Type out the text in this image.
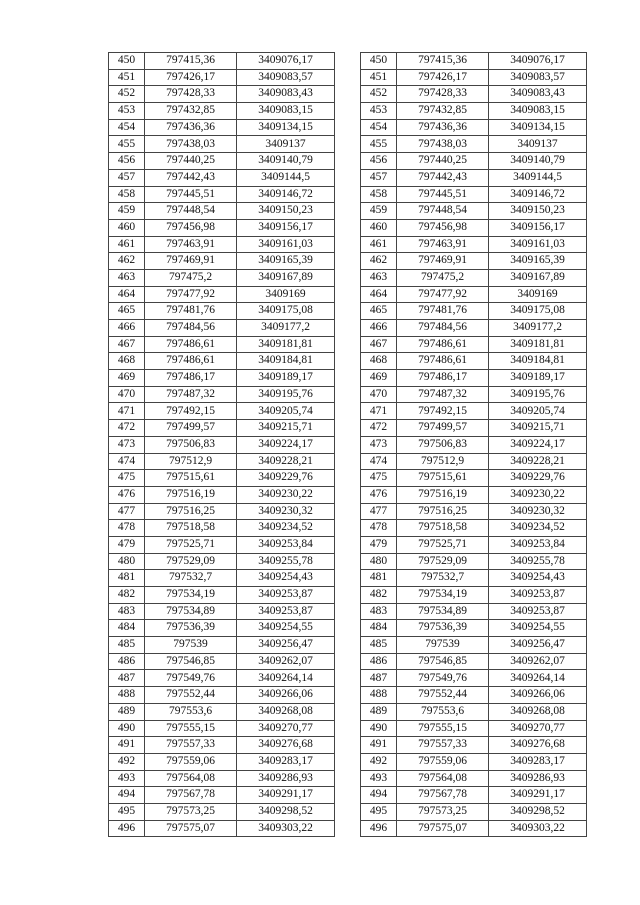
450	797415,36	3409076,17
451	797426,17	3409083,57
452	797428,33	3409083,43
453	797432,85	3409083,15
454	797436,36	3409134,15
455	797438,03	3409137
456	797440,25	3409140,79
457	797442,43	3409144,5
458	797445,51	3409146,72
459	797448,54	3409150,23
460	797456,98	3409156,17
461	797463,91	3409161,03
462	797469,91	3409165,39
463	797475,2	3409167,89
464	797477,92	3409169
465	797481,76	3409175,08
466	797484,56	3409177,2
467	797486,61	3409181,81
468	797486,61	3409184,81
469	797486,17	3409189,17
470	797487,32	3409195,76
471	797492,15	3409205,74
472	797499,57	3409215,71
473	797506,83	3409224,17
474	797512,9	3409228,21
475	797515,61	3409229,76
476	797516,19	3409230,22
477	797516,25	3409230,32
478	797518,58	3409234,52
479	797525,71	3409253,84
480	797529,09	3409255,78
481	797532,7	3409254,43
482	797534,19	3409253,87
483	797534,89	3409253,87
484	797536,39	3409254,55
485	797539	3409256,47
486	797546,85	3409262,07
487	797549,76	3409264,14
488	797552,44	3409266,06
489	797553,6	3409268,08
490	797555,15	3409270,77
491	797557,33	3409276,68
492	797559,06	3409283,17
493	797564,08	3409286,93
494	797567,78	3409291,17
495	797573,25	3409298,52
496	797575,07	3409303,22
450	797415,36	3409076,17
451	797426,17	3409083,57
452	797428,33	3409083,43
453	797432,85	3409083,15
454	797436,36	3409134,15
455	797438,03	3409137
456	797440,25	3409140,79
457	797442,43	3409144,5
458	797445,51	3409146,72
459	797448,54	3409150,23
460	797456,98	3409156,17
461	797463,91	3409161,03
462	797469,91	3409165,39
463	797475,2	3409167,89
464	797477,92	3409169
465	797481,76	3409175,08
466	797484,56	3409177,2
467	797486,61	3409181,81
468	797486,61	3409184,81
469	797486,17	3409189,17
470	797487,32	3409195,76
471	797492,15	3409205,74
472	797499,57	3409215,71
473	797506,83	3409224,17
474	797512,9	3409228,21
475	797515,61	3409229,76
476	797516,19	3409230,22
477	797516,25	3409230,32
478	797518,58	3409234,52
479	797525,71	3409253,84
480	797529,09	3409255,78
481	797532,7	3409254,43
482	797534,19	3409253,87
483	797534,89	3409253,87
484	797536,39	3409254,55
485	797539	3409256,47
486	797546,85	3409262,07
487	797549,76	3409264,14
488	797552,44	3409266,06
489	797553,6	3409268,08
490	797555,15	3409270,77
491	797557,33	3409276,68
492	797559,06	3409283,17
493	797564,08	3409286,93
494	797567,78	3409291,17
495	797573,25	3409298,52
496	797575,07	3409303,22
